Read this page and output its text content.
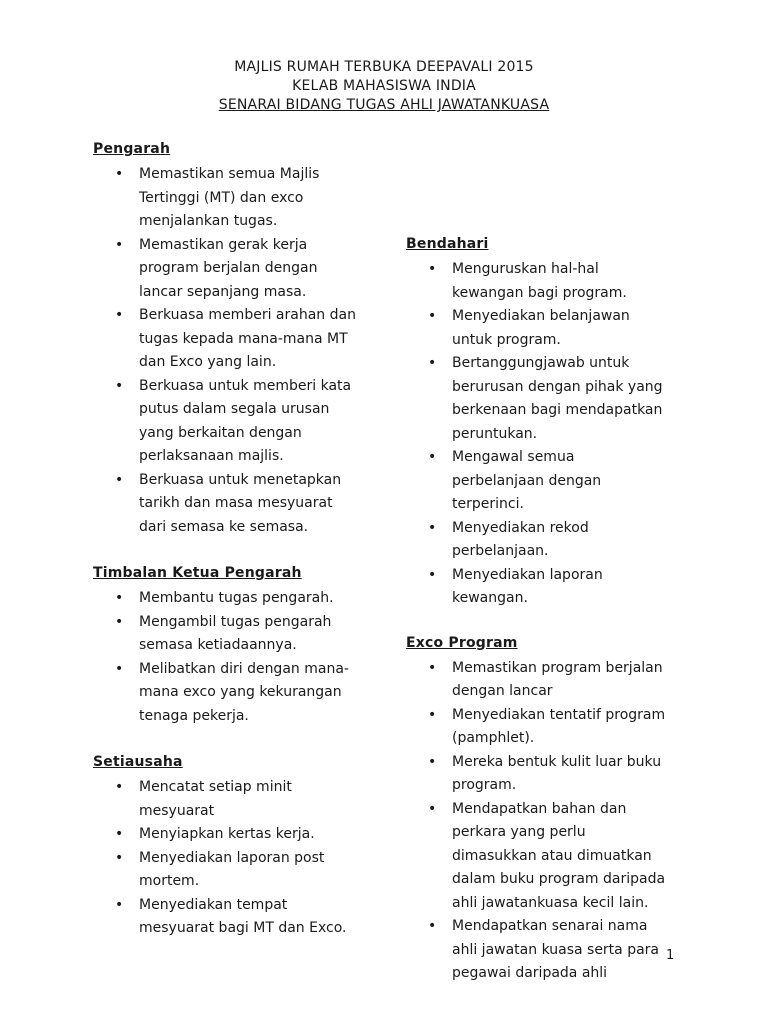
MAJLIS RUMAH TERBUKA DEEPAVALI 2015
KELAB MAHASISWA INDIA
SENARAI BIDANG TUGAS AHLI JAWATANKUASA
Pengarah
• Memastikan semua Majlis
Tertinggi (MT) dan exco
menjalankan tugas.
• Memastikan gerak kerja
program berjalan dengan
lancar sepanjang masa.
• Berkuasa memberi arahan dan
tugas kepada mana-mana MT
dan Exco yang lain.
• Berkuasa untuk memberi kata
putus dalam segala urusan
yang berkaitan dengan
perlaksanaan majlis.
• Berkuasa untuk menetapkan
tarikh dan masa mesyuarat
dari semasa ke semasa.
Timbalan Ketua Pengarah
• Membantu tugas pengarah.
• Mengambil tugas pengarah
semasa ketiadaannya.
• Melibatkan diri dengan mana-
mana exco yang kekurangan
tenaga pekerja.
Setiausaha
• Mencatat setiap minit
mesyuarat
• Menyiapkan kertas kerja.
• Menyediakan laporan post
mortem.
• Menyediakan tempat
mesyuarat bagi MT dan Exco.
Bendahari
• Menguruskan hal-hal
kewangan bagi program.
• Menyediakan belanjawan
untuk program.
• Bertanggungjawab untuk
berurusan dengan pihak yang
berkenaan bagi mendapatkan
peruntukan.
• Mengawal semua
perbelanjaan dengan
terperinci.
• Menyediakan rekod
perbelanjaan.
• Menyediakan laporan
kewangan.
Exco Program
• Memastikan program berjalan
dengan lancar
• Menyediakan tentatif program
(pamphlet).
• Mereka bentuk kulit luar buku
program.
• Mendapatkan bahan dan
perkara yang perlu
dimasukkan atau dimuatkan
dalam buku program daripada
ahli jawatankuasa kecil lain.
• Mendapatkan senarai nama
ahli jawatan kuasa serta para
pegawai daripada ahli
1
